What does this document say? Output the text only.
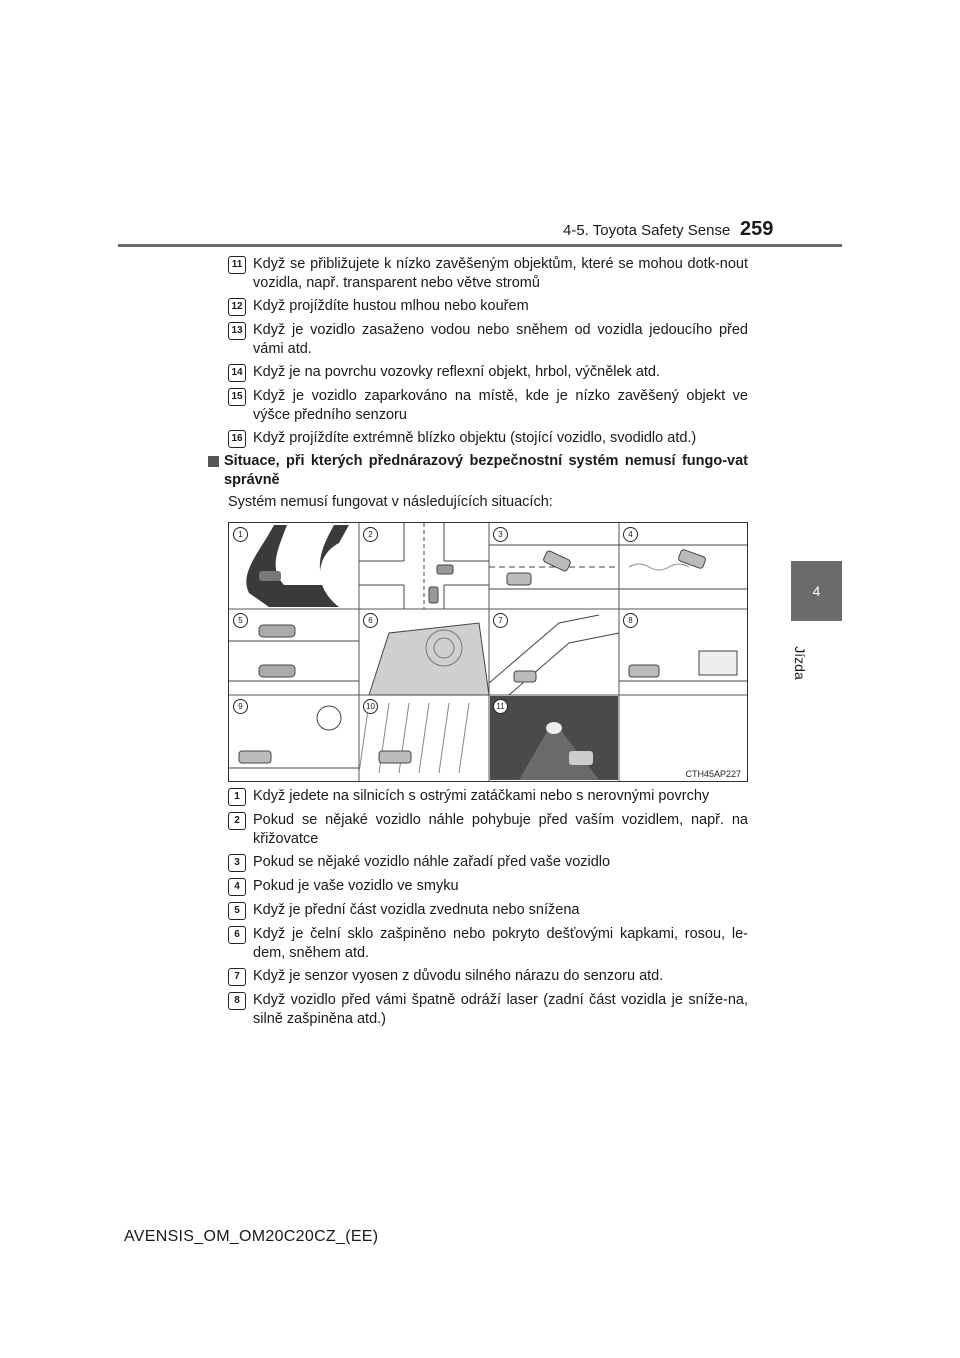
4-5. Toyota Safety Sense 259
4
Jízda
11 Když se přibližujete k nízko zavěšeným objektům, které se mohou dotk-nout vozidla, např. transparent nebo větve stromů
12 Když projíždíte hustou mlhou nebo kouřem
13 Když je vozidlo zasaženo vodou nebo sněhem od vozidla jedoucího před vámi atd.
14 Když je na povrchu vozovky reflexní objekt, hrbol, výčnělek atd.
15 Když je vozidlo zaparkováno na místě, kde je nízko zavěšený objekt ve výšce předního senzoru
16 Když projíždíte extrémně blízko objektu (stojící vozidlo, svodidlo atd.)
Situace, při kterých přednárazový bezpečnostní systém nemusí fungo-vat správně
Systém nemusí fungovat v následujících situacích:
1	2	3	4
5	6	7	8
9	10	11
CTH45AP227
1 Když jedete na silnicích s ostrými zatáčkami nebo s nerovnými povrchy
2 Pokud se nějaké vozidlo náhle pohybuje před vaším vozidlem, např. na křižovatce
3 Pokud se nějaké vozidlo náhle zařadí před vaše vozidlo
4 Pokud je vaše vozidlo ve smyku
5 Když je přední část vozidla zvednuta nebo snížena
6 Když je čelní sklo zašpiněno nebo pokryto dešťovými kapkami, rosou, le-dem, sněhem atd.
7 Když je senzor vyosen z důvodu silného nárazu do senzoru atd.
8 Když vozidlo před vámi špatně odráží laser (zadní část vozidla je sníže-na, silně zašpiněna atd.)
AVENSIS_OM_OM20C20CZ_(EE)
